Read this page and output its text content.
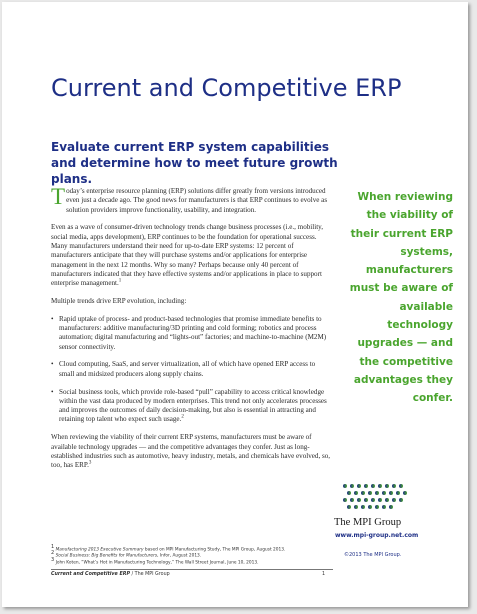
Current and Competitive ERP
Evaluate current ERP system capabilities and determine how to meet future growth plans.

Today’s enterprise resource planning (ERP) solutions differ greatly from versions introduced even just a decade ago. The good news for manufacturers is that ERP continues to evolve as solution providers improve functionality, usability, and integration.

Even as a wave of consumer-driven technology trends change business processes (i.e., mobility, social media, apps development), ERP continues to be the foundation for operational success. Many manufacturers understand their need for up-to-date ERP systems: 12 percent of manufacturers anticipate that they will purchase systems and/or applications for enterprise management in the next 12 months. Why so many? Perhaps because only 40 percent of manufacturers indicated that they have effective systems and/or applications in place to support enterprise management.$^1$

Multiple trends drive ERP evolution, including:

• Rapid uptake of process- and product-based technologies that promise immediate benefits to manufacturers: additive manufacturing/3D printing and cold forming; robotics and process automation; digital manufacturing and “lights-out” factories; and machine-to-machine (M2M) sensor connectivity.
• Cloud computing, SaaS, and server virtualization, all of which have opened ERP access to small and midsized producers along supply chains.
• Social business tools, which provide role-based “pull” capability to access critical knowledge within the vast data produced by modern enterprises. This trend not only accelerates processes and improves the outcomes of daily decision-making, but also is essential in attracting and retaining top talent who expect such usage.$^2$

When reviewing the viability of their current ERP systems, manufacturers must be aware of available technology upgrades — and the competitive advantages they confer. Just as long-established industries such as automotive, heavy industry, metals, and chemicals have evolved, so, too, has ERP.$^3$

When reviewing the viability of their current ERP systems, manufacturers must be aware of available technology upgrades — and the competitive advantages they confer.

The MPI Group

www.mpi-group.net.com

©2013 The MPI Group.

$^1$ Manufacturing 2013 Executive Summary based on MPI Manufacturing Study, The MPI Group, August 2013.

$^2$ Social Business: Big Benefits for Manufacturers, Infor, August 2013.

$^3$ John Koten, “What’s Hot in Manufacturing Technology,” The Wall Street Journal, June 10, 2013.

Current and Competitive ERP / The MPI Group	1
